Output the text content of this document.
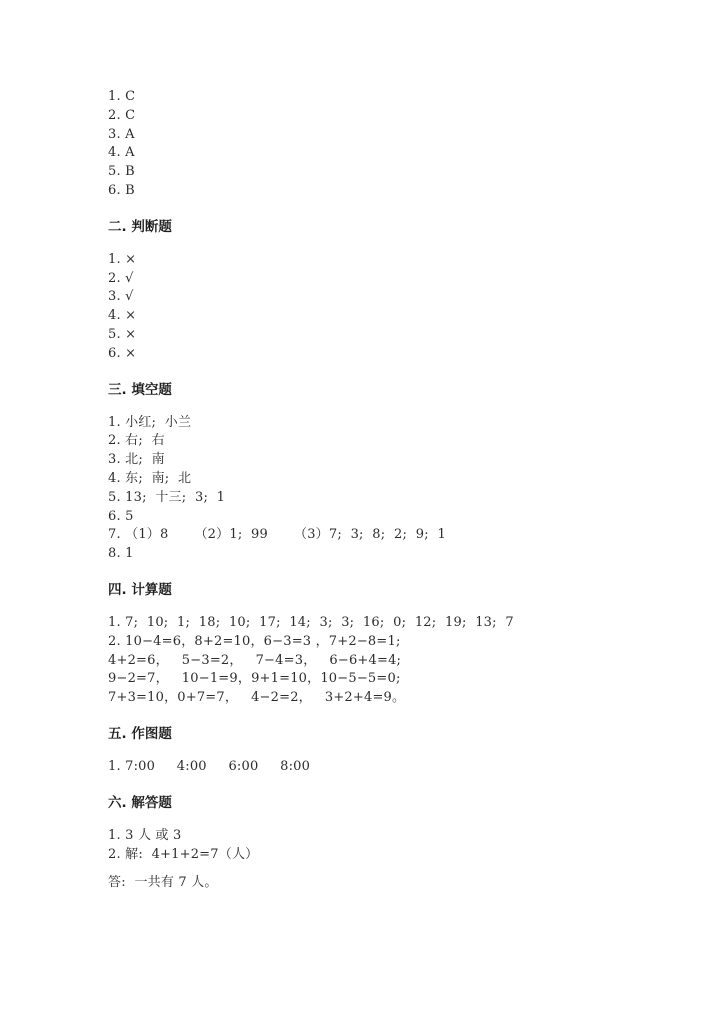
1. C
2. C
3. A
4. A
5. B
6. B
二. 判断题
1. ×
2. √
3. √
4. ×
5. ×
6. ×
三. 填空题
1. 小红;  小兰
2. 右;  右
3. 北;  南
4. 东;  南;  北
5. 13;  十三;  3;  1
6. 5
7. （1）8      （2）1;  99      （3）7;  3;  8;  2;  9;  1
8. 1
四. 计算题
1. 7;  10;  1;  18;  10;  17;  14;  3;  3;  16;  0;  12;  19;  13;  7
2. 10−4=6，8+2=10，6−3=3 ，7+2−8=1;
4+2=6，   5−3=2，   7−4=3，   6−6+4=4;
9−2=7，   10−1=9，9+1=10，10−5−5=0;
7+3=10，0+7=7，   4−2=2，   3+2+4=9。
五. 作图题
1. 7:00     4:00     6:00     8:00
六. 解答题
1. 3 人 或 3
2. 解:  4+1+2=7（人）
答:  一共有 7 人。
